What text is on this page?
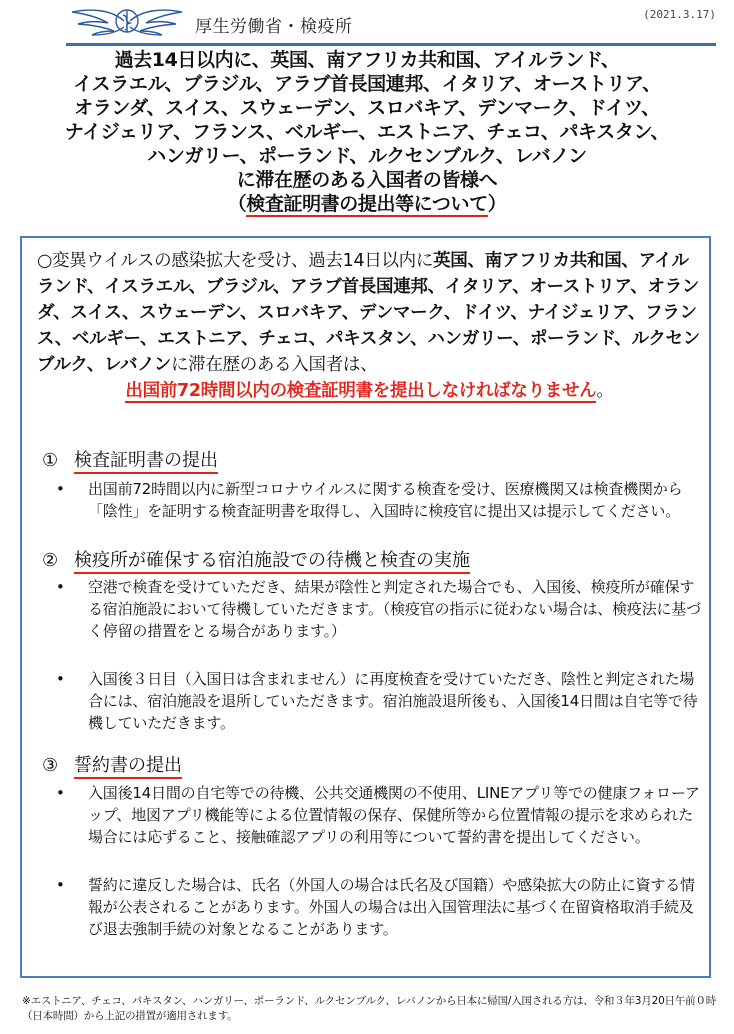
厚生労働省・検疫所
(2021.3.17)
過去14日以内に、英国、南アフリカ共和国、アイルランド、
イスラエル、ブラジル、アラブ首長国連邦、イタリア、オーストリア、
オランダ、スイス、スウェーデン、スロバキア、デンマーク、ドイツ、
ナイジェリア、フランス、ベルギー、エストニア、チェコ、パキスタン、
ハンガリー、ポーランド、ルクセンブルク、レバノン
に滞在歴のある入国者の皆様へ
（検査証明書の提出等について）
○変異ウイルスの感染拡大を受け、過去14日以内に英国、南アフリカ共和国、アイルランド、イスラエル、ブラジル、アラブ首長国連邦、イタリア、オーストリア、オランダ、スイス、スウェーデン、スロバキア、デンマーク、ドイツ、ナイジェリア、フランス、ベルギー、エストニア、チェコ、パキスタン、ハンガリー、ポーランド、ルクセンブルク、レバノンに滞在歴のある入国者は、
出国前72時間以内の検査証明書を提出しなければなりません。
① 検査証明書の提出
• 出国前72時間以内に新型コロナウイルスに関する検査を受け、医療機関又は検査機関から「陰性」を証明する検査証明書を取得し、入国時に検疫官に提出又は提示してください。
② 検疫所が確保する宿泊施設での待機と検査の実施
• 空港で検査を受けていただき、結果が陰性と判定された場合でも、入国後、検疫所が確保する宿泊施設において待機していただきます。（検疫官の指示に従わない場合は、検疫法に基づく停留の措置をとる場合があります。）
• 入国後３日目（入国日は含まれません）に再度検査を受けていただき、陰性と判定された場合には、宿泊施設を退所していただきます。宿泊施設退所後も、入国後14日間は自宅等で待機していただきます。
③ 誓約書の提出
• 入国後14日間の自宅等での待機、公共交通機関の不使用、LINEアプリ等での健康フォローアップ、地図アプリ機能等による位置情報の保存、保健所等から位置情報の提示を求められた場合には応ずること、接触確認アプリの利用等について誓約書を提出してください。
• 誓約に違反した場合は、氏名（外国人の場合は氏名及び国籍）や感染拡大の防止に資する情報が公表されることがあります。外国人の場合は出入国管理法に基づく在留資格取消手続及び退去強制手続の対象となることがあります。
※エストニア、チェコ、パキスタン、ハンガリー、ポーランド、ルクセンブルク、レバノンから日本に帰国/入国される方は、令和３年3月20日午前０時（日本時間）から上記の措置が適用されます。
